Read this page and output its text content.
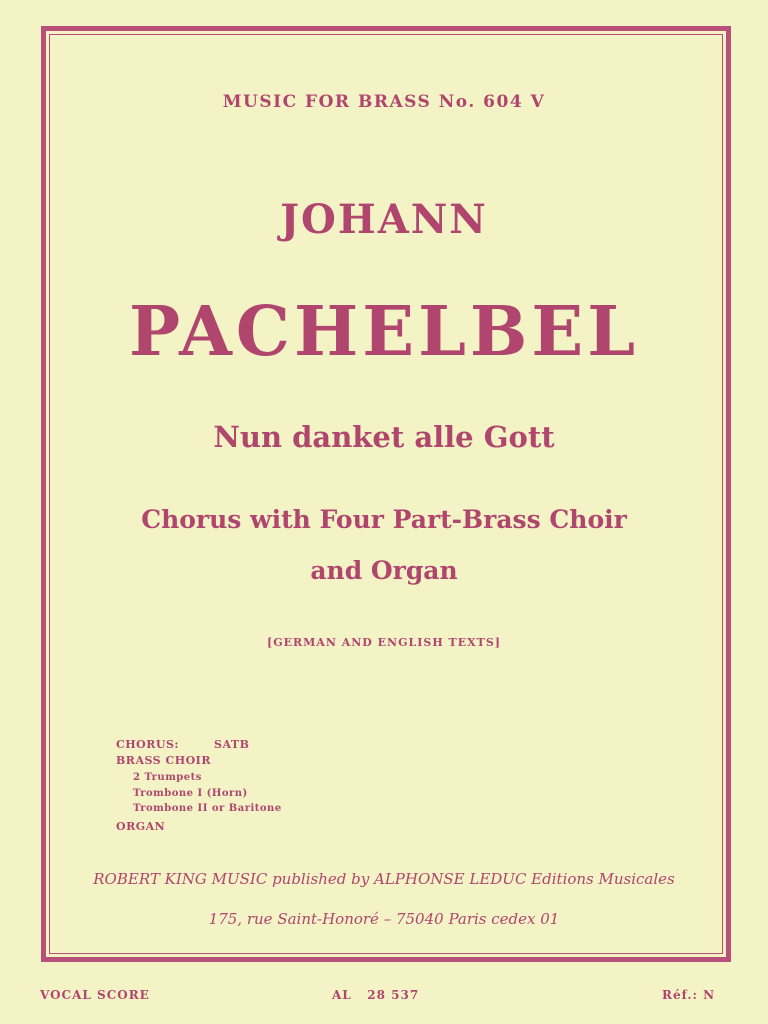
MUSIC FOR BRASS No. 604 V
JOHANN
PACHELBEL
Nun danket alle Gott
Chorus with Four Part-Brass Choir
and Organ
[GERMAN AND ENGLISH TEXTS]
CHORUS:	SATB
BRASS CHOIR
2 Trumpets
Trombone I (Horn)
Trombone II or Baritone
ORGAN
ROBERT KING MUSIC published by ALPHONSE LEDUC Editions Musicales
175, rue Saint-Honoré – 75040 Paris cedex 01
VOCAL SCORE	AL   28 537	Réf.: N
